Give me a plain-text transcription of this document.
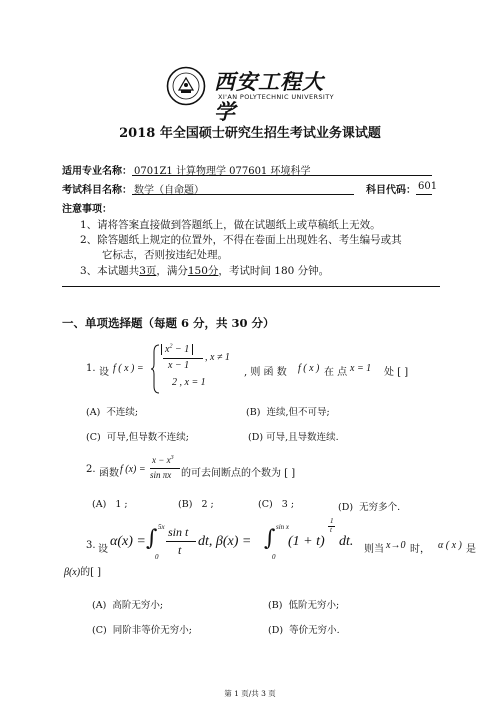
西安工程大学
XI'AN POLYTECHNIC UNIVERSITY
2018 年全国硕士研究生招生考试业务课试题
适用专业名称： 0701Z1 计算物理学 077601 环境科学
考试科目名称： 数学（自命题）	科目代码： 601
注意事项：
1、请将答案直接做到答题纸上，做在试题纸上或草稿纸上无效。
2、除答题纸上规定的位置外，不得在卷面上出现姓名、考生编号或其
它标志，否则按违纪处理。
3、本试题共3页，满分150分，考试时间 180 分钟。
一、单项选择题（每题 6 分，共 30 分）
1. 设 f ( x ) =
$x^2 - 1$
x − 1
, x ≠ 1
2 , x = 1
, 则 函 数 f ( x ) 在 点 x = 1 处 [ ]
(A) 不连续;	(B) 连续,但不可导;
(C) 可导,但导数不连续;	(D) 可导,且导数连续.
2. 函数 f (x) =
$x - x^3$
sin πx 的可去间断点的个数为 [ ]
(A) 1 ;	(B) 2 ;	(C) 3 ;	(D) 无穷多个.
3. 设
α(x) = ∫ 5x
0
sin t
t
dt, β(x) = ∫ sin x
0
(1 + t)
1
t
dt.
则当 x→0 时， α ( x ) 是
β(x)的[ ]
(A) 高阶无穷小;	(B) 低阶无穷小;
(C) 同阶非等价无穷小;	(D) 等价无穷小.
第 1 页/共 3 页
